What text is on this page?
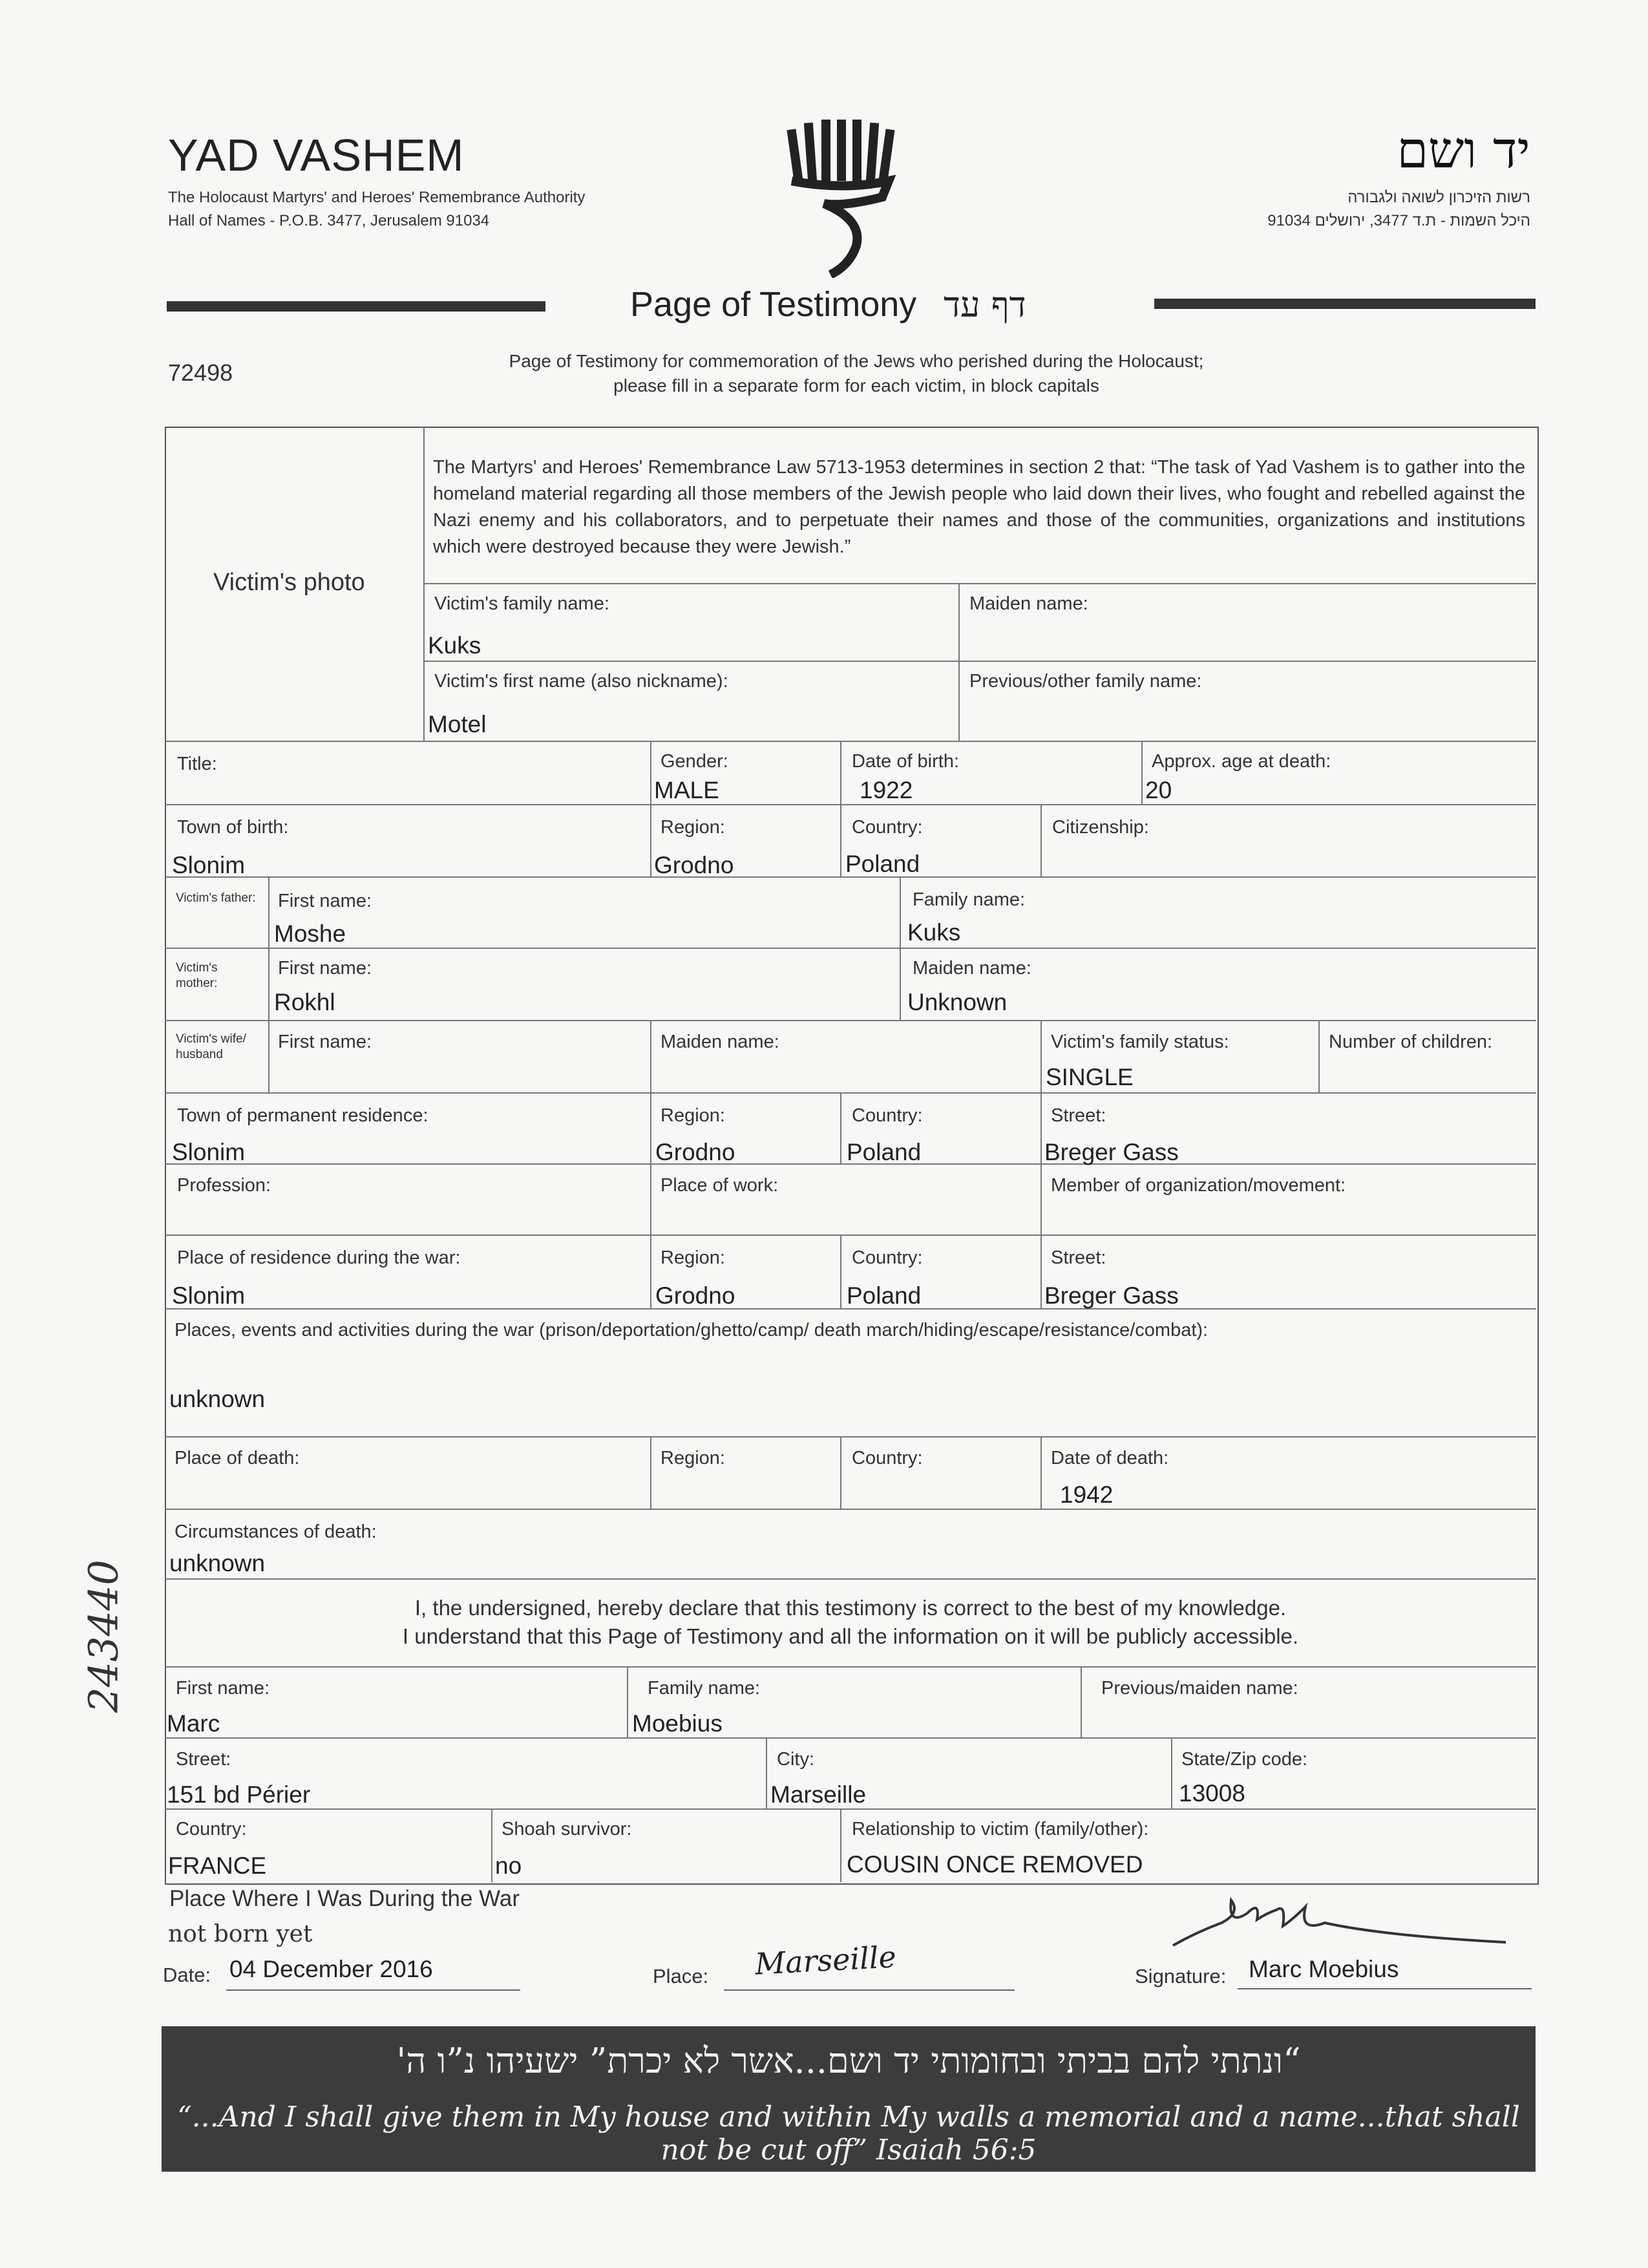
YAD VASHEM
The Holocaust Martyrs' and Heroes' Remembrance Authority
Hall of Names - P.O.B. 3477, Jerusalem 91034
יד ושם
רשות הזיכרון לשואה ולגבורה
היכל השמות - ת.ד 3477, ירושלים 91034
Page of Testimony דף עד
72498	Page of Testimony for commemoration of the Jews who perished during the Holocaust;
please fill in a separate form for each victim, in block capitals
Victim's photo
The Martyrs' and Heroes' Remembrance Law 5713-1953 determines in section 2 that: “The task of Yad Vashem is to gather into the homeland material regarding all those members of the Jewish people who laid down their lives, who fought and rebelled against the Nazi enemy and his collaborators, and to perpetuate their names and those of the communities, organizations and institutions which were destroyed because they were Jewish.”
Victim's family name:
Kuks
Maiden name:
Victim's first name (also nickname):
Motel
Previous/other family name:
Title:	Gender:
MALE
Date of birth:
1922
Approx. age at death:
20
Town of birth:
Slonim
Region:
Grodno
Country:
Poland
Citizenship:
Victim's father: First name:
Moshe
Family name:
Kuks
Victim's mother:
First name:
Rokhl
Maiden name:
Unknown
Victim's wife/ husband
First name:	Maiden name:	Victim's family status:
SINGLE
Number of children:
Town of permanent residence:
Slonim
Region:
Grodno
Country:
Poland
Street:
Breger Gass
Profession:	Place of work:	Member of organization/movement:
Place of residence during the war:
Slonim
Region:
Grodno
Country:
Poland
Street:
Breger Gass
Places, events and activities during the war (prison/deportation/ghetto/camp/ death march/hiding/escape/resistance/combat):
unknown
Place of death:	Region:	Country:	Date of death:
1942
Circumstances of death:
unknown
I, the undersigned, hereby declare that this testimony is correct to the best of my knowledge.
I understand that this Page of Testimony and all the information on it will be publicly accessible.
First name:
Marc
Family name:
Moebius
Previous/maiden name:
Street:
151 bd Périer
City:
Marseille
State/Zip code:
13008
Country:
FRANCE
Shoah survivor:
no
Relationship to victim (family/other):
COUSIN ONCE REMOVED
Place Where I Was During the War
not born yet
Date: 04 December 2016	Place: Marseille	Signature: Marc Moebius
243440
“ונתתי להם בביתי ובחומותי יד ושם...אשר לא יכרת” ישעיהו נ”ו ה'
“...And I shall give them in My house and within My walls a memorial and a name...that shall not be cut off” Isaiah 56:5
